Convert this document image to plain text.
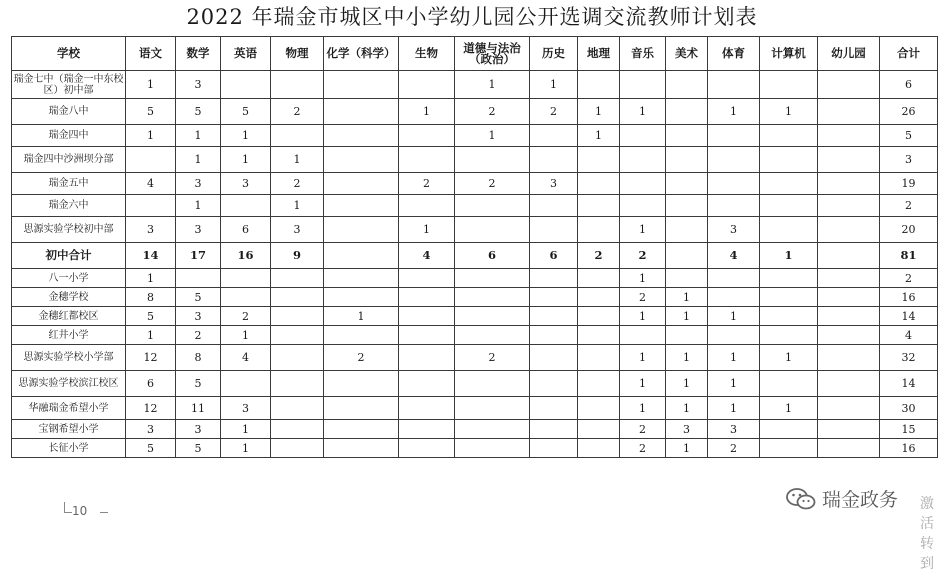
2022 年瑞金市城区中小学幼儿园公开选调交流教师计划表
学校	语文	数学	英语	物理	化学（科学）	生物	道德与法治（政治）	历史	地理	音乐	美术	体育	计算机	幼儿园	合计
瑞金七中（瑞金一中东校区）初中部	1	3					1	1							6
瑞金八中	5	5	5	2		1	2	2	1	1		1	1		26
瑞金四中	1	1	1				1		1						5
瑞金四中沙洲坝分部		1	1	1											3
瑞金五中	4	3	3	2		2	2	3							19
瑞金六中		1		1											2
思源实验学校初中部	3	3	6	3		1				1		3			20
初中合计	14	17	16	9		4	6	6	2	2		4	1		81
八一小学	1									1					2
金穗学校	8	5								2	1				16
金穗红都校区	5	3	2		1					1	1	1			14
红井小学	1	2	1												4
思源实验学校小学部	12	8	4		2		2			1	1	1	1		32
思源实验学校滨江校区	6	5								1	1	1			14
华融瑞金希望小学	12	11	3							1	1	1	1		30
宝钢希望小学	3	3	1							2	3	3			15
长征小学	5	5	1							2	1	2			16
10	瑞金政务 激活转到
